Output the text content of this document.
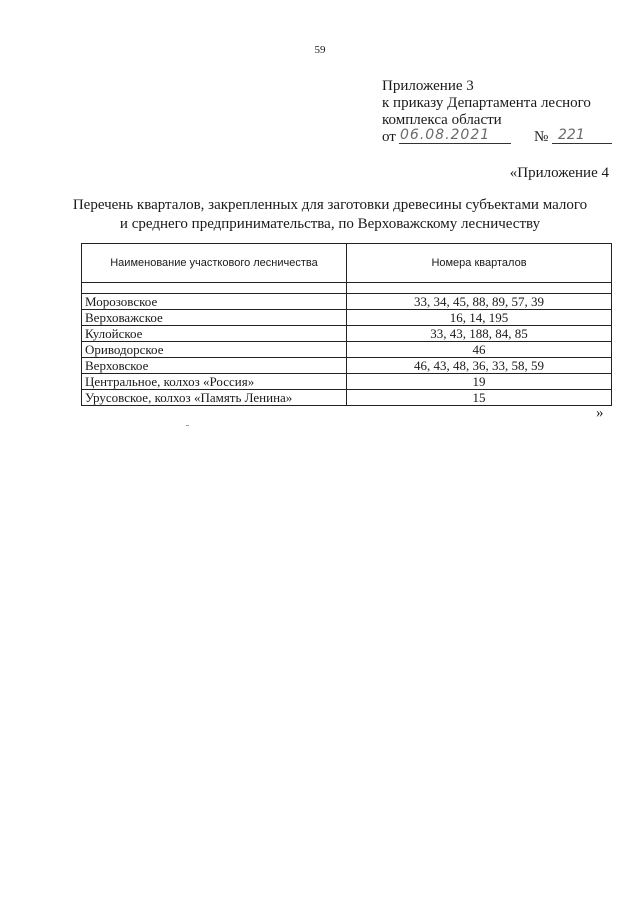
59
Приложение 3
к приказу Департамента лесного
комплекса области
от 06.08.2021	№ 221
«Приложение 4
Перечень кварталов, закрепленных для заготовки древесины субъектами малого
и среднего предпринимательства, по Верховажскому лесничеству
Наименование участкового лесничества	Номера кварталов

Морозовское	33, 34, 45, 88, 89, 57, 39
Верховажское	16, 14, 195
Кулойское	33, 43, 188, 84, 85
Ориводорское	46
Верховское	46, 43, 48, 36, 33, 58, 59
Центральное, колхоз «Россия»	19
Урусовское, колхоз «Память Ленина»	15
»
